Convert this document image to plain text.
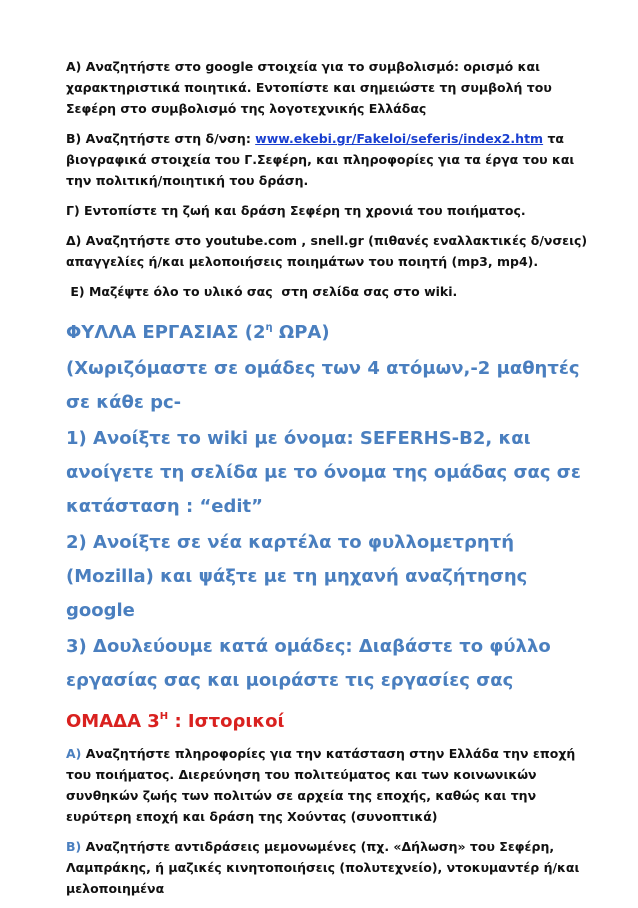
Α) Αναζητήστε στο google στοιχεία για το συμβολισμό: ορισμό και χαρακτηριστικά ποιητικά. Εντοπίστε και σημειώστε τη συμβολή του Σεφέρη στο συμβολισμό της λογοτεχνικής Ελλάδας

Β) Αναζητήστε στη δ/νση: www.ekebi.gr/Fakeloi/seferis/index2.htm τα βιογραφικά στοιχεία του Γ.Σεφέρη, και πληροφορίες για τα έργα του και την πολιτική/ποιητική του δράση.

Γ) Εντοπίστε τη ζωή και δράση Σεφέρη τη χρονιά του ποιήματος.

Δ) Αναζητήστε στο youtube.com , snell.gr (πιθανές εναλλακτικές δ/νσεις) απαγγελίες ή/και μελοποιήσεις ποιημάτων του ποιητή (mp3, mp4).

Ε) Μαζέψτε όλο το υλικό σας  στη σελίδα σας στο wiki.

ΦΥΛΛΑ ΕΡΓΑΣΙΑΣ ($2^\eta$ ΩΡΑ)
(Χωριζόμαστε σε ομάδες των 4 ατόμων,-2 μαθητές σε κάθε pc-
1) Ανοίξτε το wiki με όνομα: SEFERHS-B2, και ανοίγετε τη σελίδα με το όνομα της ομάδας σας σε κατάσταση : “edit”
2) Ανοίξτε σε νέα καρτέλα το φυλλομετρητή (Mozilla) και ψάξτε με τη μηχανή αναζήτησης google
3) Δουλεύουμε κατά ομάδες: Διαβάστε το φύλλο εργασίας σας και μοιράστε τις εργασίες σας
ΟΜΑΔΑ $3^H$ : Ιστορικοί

Α) Αναζητήστε πληροφορίες για την κατάσταση στην Ελλάδα την εποχή του ποιήματος. Διερεύνηση του πολιτεύματος και των κοινωνικών συνθηκών ζωής των πολιτών σε αρχεία της εποχής, καθώς και την ευρύτερη εποχή και δράση της Χούντας (συνοπτικά)

Β) Αναζητήστε αντιδράσεις μεμονωμένες (πχ. «Δήλωση» του Σεφέρη, Λαμπράκης, ή μαζικές κινητοποιήσεις (πολυτεχνείο), ντοκυμαντέρ ή/και μελοποιημένα
